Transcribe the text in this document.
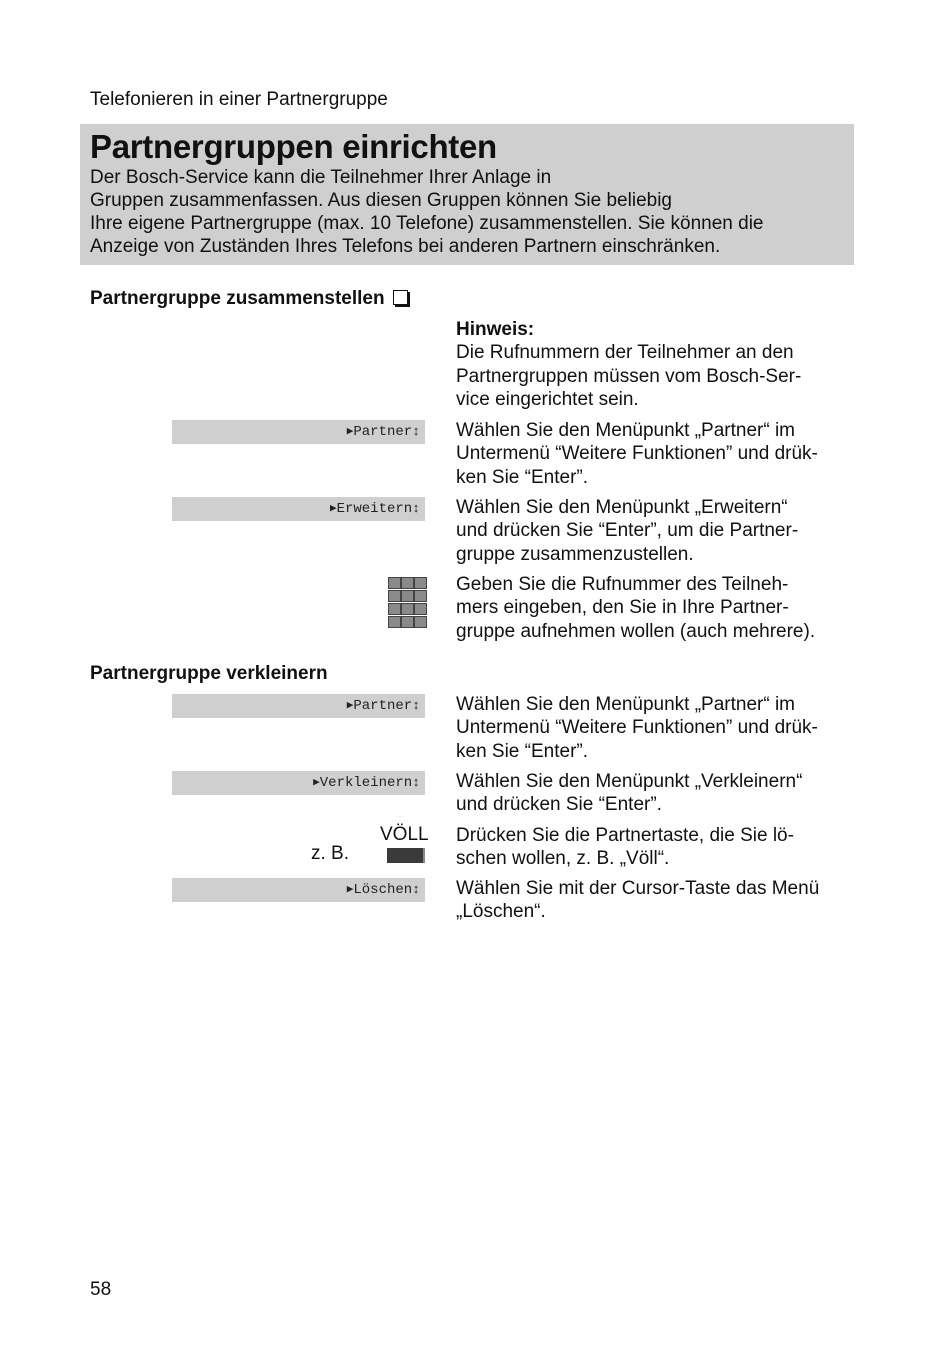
Telefonieren in einer Partnergruppe
Partnergruppen einrichten
Der Bosch-Service kann die Teilnehmer Ihrer Anlage in
Gruppen zusammenfassen. Aus diesen Gruppen können Sie beliebig
Ihre eigene Partnergruppe (max. 10 Telefone) zusammenstellen. Sie können die
Anzeige von Zuständen Ihres Telefons bei anderen Partnern einschränken.
Partnergruppe zusammenstellen
Hinweis:
Die Rufnummern der Teilnehmer an den
Partnergruppen müssen vom Bosch-Ser-
vice eingerichtet sein.
▶Partner↕ Wählen Sie den Menüpunkt „Partner“ im
Untermenü “Weitere Funktionen” und drük-
ken Sie “Enter”.
▶Erweitern↕ Wählen Sie den Menüpunkt „Erweitern“
und drücken Sie “Enter”, um die Partner-
gruppe zusammenzustellen.
Geben Sie die Rufnummer des Teilneh-
mers eingeben, den Sie in Ihre Partner-
gruppe aufnehmen wollen (auch mehrere).
Partnergruppe verkleinern
▶Partner↕ Wählen Sie den Menüpunkt „Partner“ im
Untermenü “Weitere Funktionen” und drük-
ken Sie “Enter”.
▶Verkleinern↕ Wählen Sie den Menüpunkt „Verkleinern“
und drücken Sie “Enter”.
VÖLL
z. B.
Drücken Sie die Partnertaste, die Sie lö-
schen wollen, z. B. „Völl“.
▶Löschen↕ Wählen Sie mit der Cursor-Taste das Menü
„Löschen“.
58
